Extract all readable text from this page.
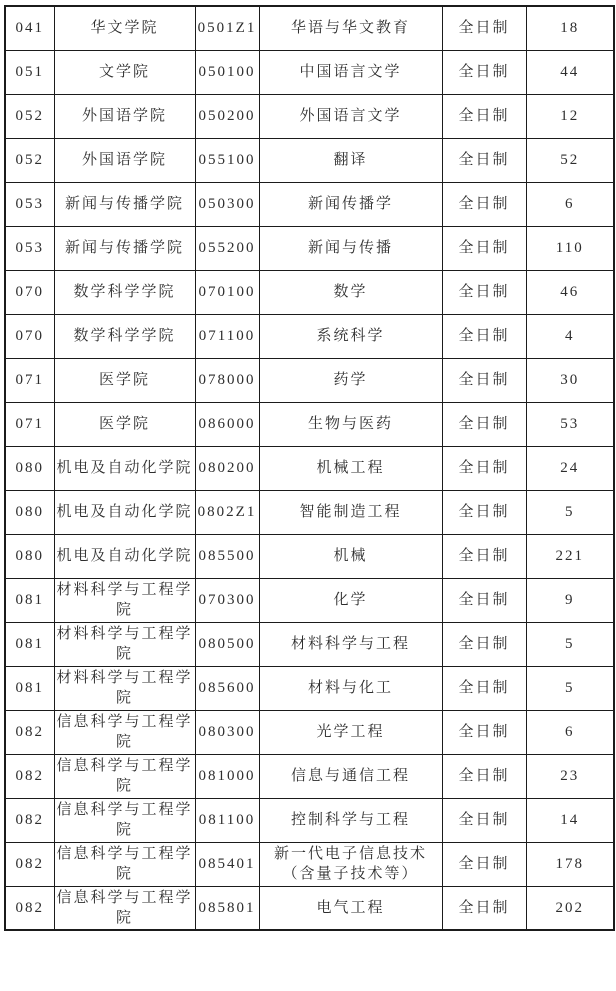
041	华文学院	0501Z1	华语与华文教育	全日制	18
051	文学院	050100	中国语言文学	全日制	44
052	外国语学院	050200	外国语言文学	全日制	12
052	外国语学院	055100	翻译	全日制	52
053	新闻与传播学院	050300	新闻传播学	全日制	6
053	新闻与传播学院	055200	新闻与传播	全日制	110
070	数学科学学院	070100	数学	全日制	46
070	数学科学学院	071100	系统科学	全日制	4
071	医学院	078000	药学	全日制	30
071	医学院	086000	生物与医药	全日制	53
080	机电及自动化学院	080200	机械工程	全日制	24
080	机电及自动化学院	0802Z1	智能制造工程	全日制	5
080	机电及自动化学院	085500	机械	全日制	221
081	材料科学与工程学院	070300	化学	全日制	9
081	材料科学与工程学院	080500	材料科学与工程	全日制	5
081	材料科学与工程学院	085600	材料与化工	全日制	5
082	信息科学与工程学院	080300	光学工程	全日制	6
082	信息科学与工程学院	081000	信息与通信工程	全日制	23
082	信息科学与工程学院	081100	控制科学与工程	全日制	14
082	信息科学与工程学院	085401	新一代电子信息技术（含量子技术等）	全日制	178
082	信息科学与工程学院	085801	电气工程	全日制	202
